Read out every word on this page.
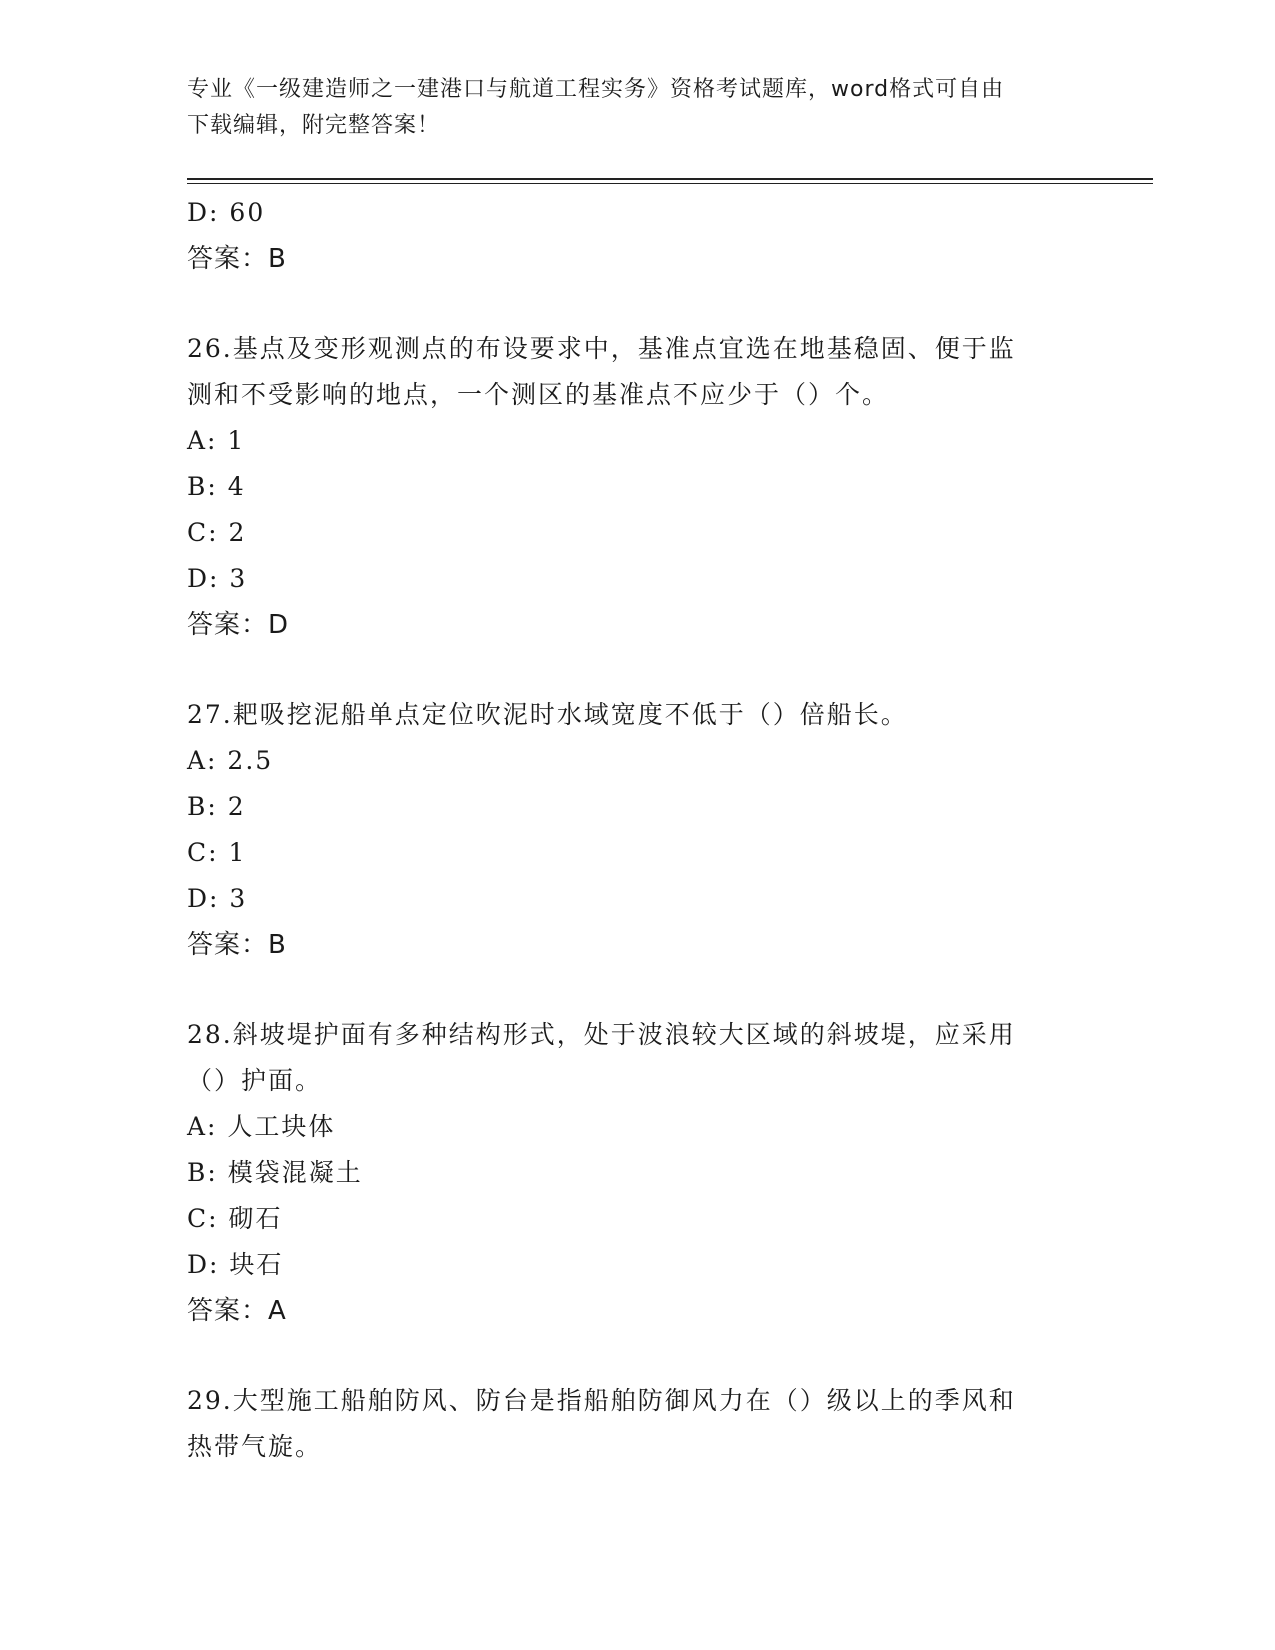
专业《一级建造师之一建港口与航道工程实务》资格考试题库，word格式可自由
下载编辑，附完整答案！
D: 60
答案：B
26.基点及变形观测点的布设要求中，基准点宜选在地基稳固、便于监
测和不受影响的地点，一个测区的基准点不应少于（）个。
A: 1
B: 4
C: 2
D: 3
答案：D
27.耙吸挖泥船单点定位吹泥时水域宽度不低于（）倍船长。
A: 2.5
B: 2
C: 1
D: 3
答案：B
28.斜坡堤护面有多种结构形式，处于波浪较大区域的斜坡堤，应采用
（）护面。
A: 人工块体
B: 模袋混凝土
C: 砌石
D: 块石
答案：A
29.大型施工船舶防风、防台是指船舶防御风力在（）级以上的季风和
热带气旋。
